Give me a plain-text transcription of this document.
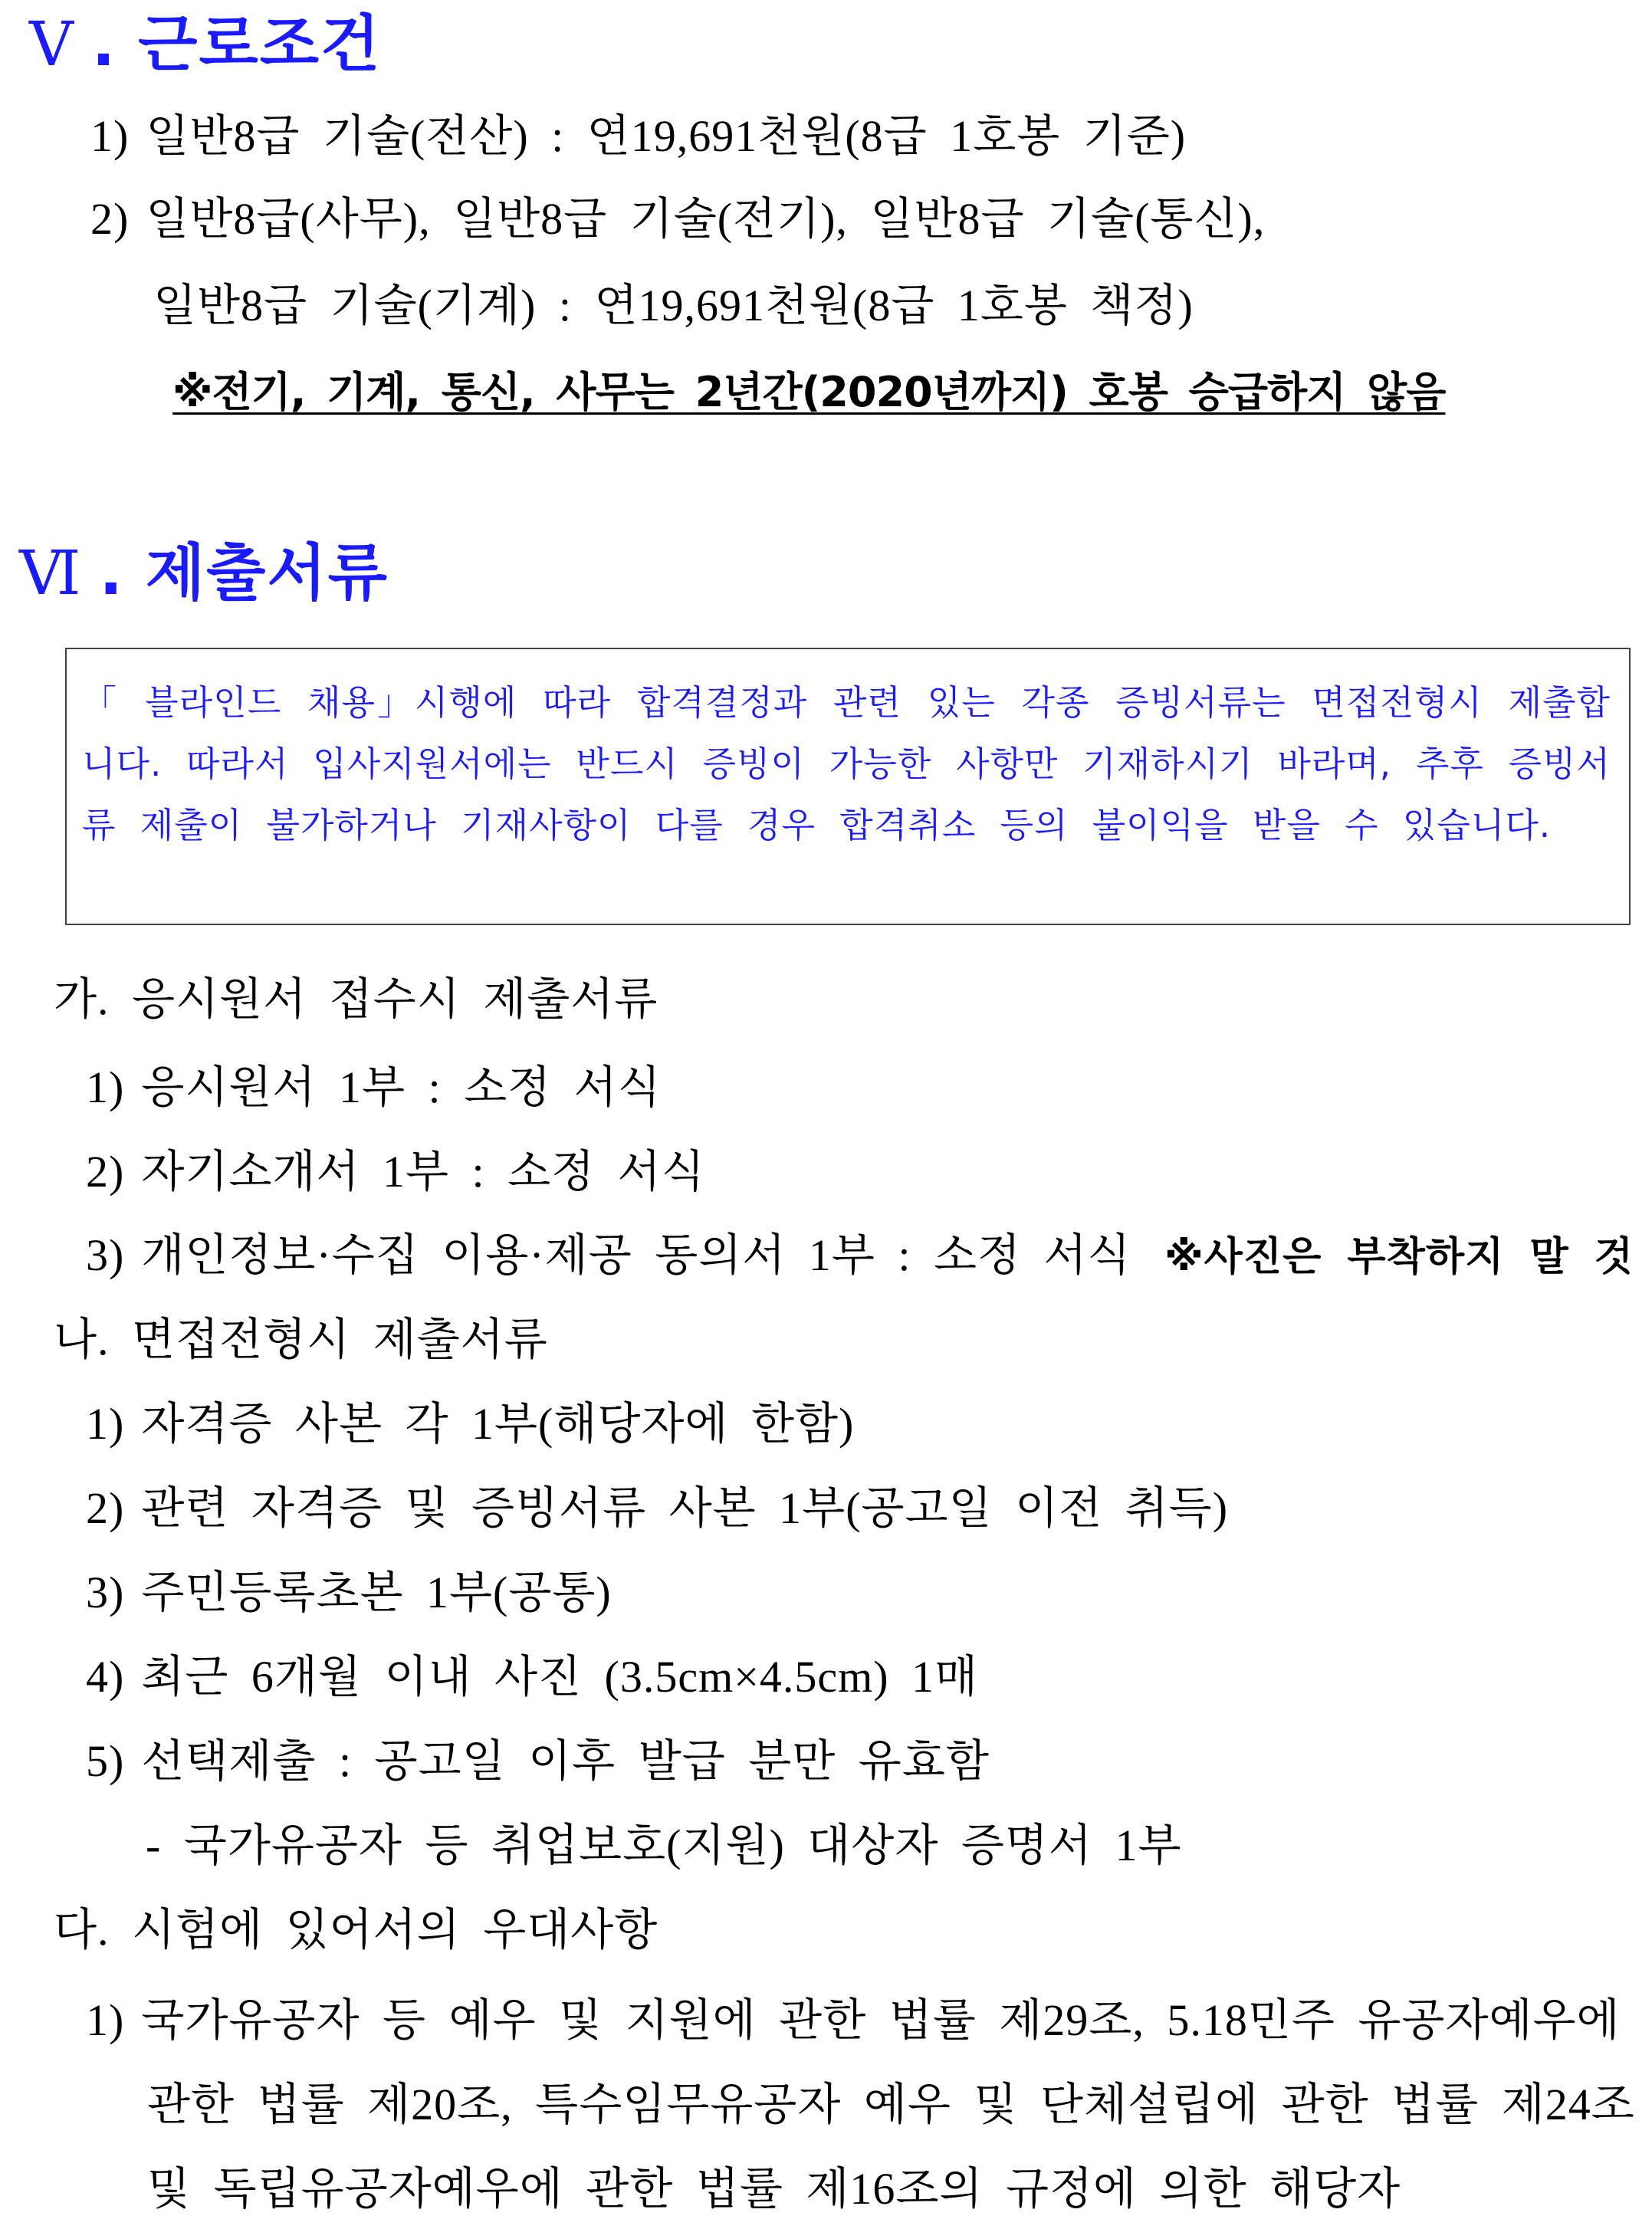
Ⅴ . 근로조건
1) 일반8급 기술(전산) : 연19,691천원(8급 1호봉 기준)
2) 일반8급(사무), 일반8급 기술(전기), 일반8급 기술(통신),
일반8급 기술(기계) : 연19,691천원(8급 1호봉 책정)
※전기, 기계, 통신, 사무는 2년간(2020년까지) 호봉 승급하지 않음
Ⅵ . 제출서류
「 블라인드 채용」시행에 따라 합격결정과 관련 있는 각종 증빙서류는 면접전형시 제출합니다. 따라서 입사지원서에는 반드시 증빙이 가능한 사항만 기재하시기 바라며, 추후 증빙서류 제출이 불가하거나 기재사항이 다를 경우 합격취소 등의 불이익을 받을 수 있습니다.
가. 응시원서 접수시 제출서류
1) 응시원서 1부 : 소정 서식
2) 자기소개서 1부 : 소정 서식
3) 개인정보·수집 이용·제공 동의서 1부 : 소정 서식 ※사진은 부착하지 말 것
나. 면접전형시 제출서류
1) 자격증 사본 각 1부(해당자에 한함)
2) 관련 자격증 및 증빙서류 사본 1부(공고일 이전 취득)
3) 주민등록초본 1부(공통)
4) 최근 6개월 이내 사진 (3.5cm×4.5cm) 1매
5) 선택제출 : 공고일 이후 발급 분만 유효함
- 국가유공자 등 취업보호(지원) 대상자 증명서 1부
다. 시험에 있어서의 우대사항
1) 국가유공자 등 예우 및 지원에 관한 법률 제29조, 5.18민주 유공자예우에
관한 법률 제20조, 특수임무유공자 예우 및 단체설립에 관한 법률 제24조
및 독립유공자예우에 관한 법률 제16조의 규정에 의한 해당자
